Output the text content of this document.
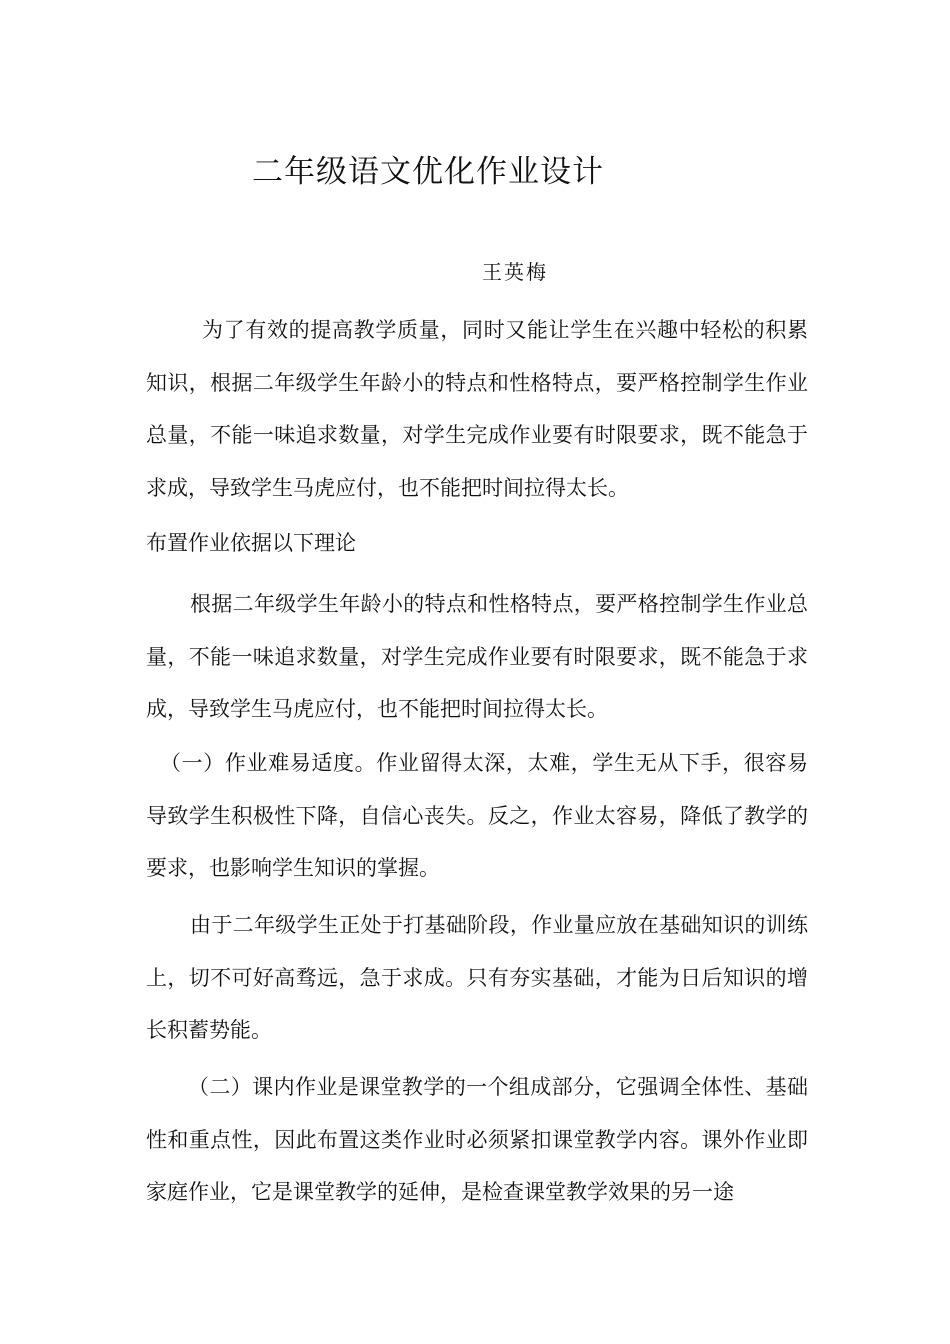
二年级语文优化作业设计
王英梅

为了有效的提高教学质量，同时又能让学生在兴趣中轻松的积累知识，根据二年级学生年龄小的特点和性格特点，要严格控制学生作业总量，不能一味追求数量，对学生完成作业要有时限要求，既不能急于求成，导致学生马虎应付，也不能把时间拉得太长。

布置作业依据以下理论

根据二年级学生年龄小的特点和性格特点，要严格控制学生作业总量，不能一味追求数量，对学生完成作业要有时限要求，既不能急于求成，导致学生马虎应付，也不能把时间拉得太长。

（一）作业难易适度。作业留得太深，太难，学生无从下手，很容易导致学生积极性下降，自信心丧失。反之，作业太容易，降低了教学的要求，也影响学生知识的掌握。

由于二年级学生正处于打基础阶段，作业量应放在基础知识的训练上，切不可好高骛远，急于求成。只有夯实基础，才能为日后知识的增长积蓄势能。

（二）课内作业是课堂教学的一个组成部分，它强调全体性、基础性和重点性，因此布置这类作业时必须紧扣课堂教学内容。课外作业即家庭作业，它是课堂教学的延伸，是检查课堂教学效果的另一途
